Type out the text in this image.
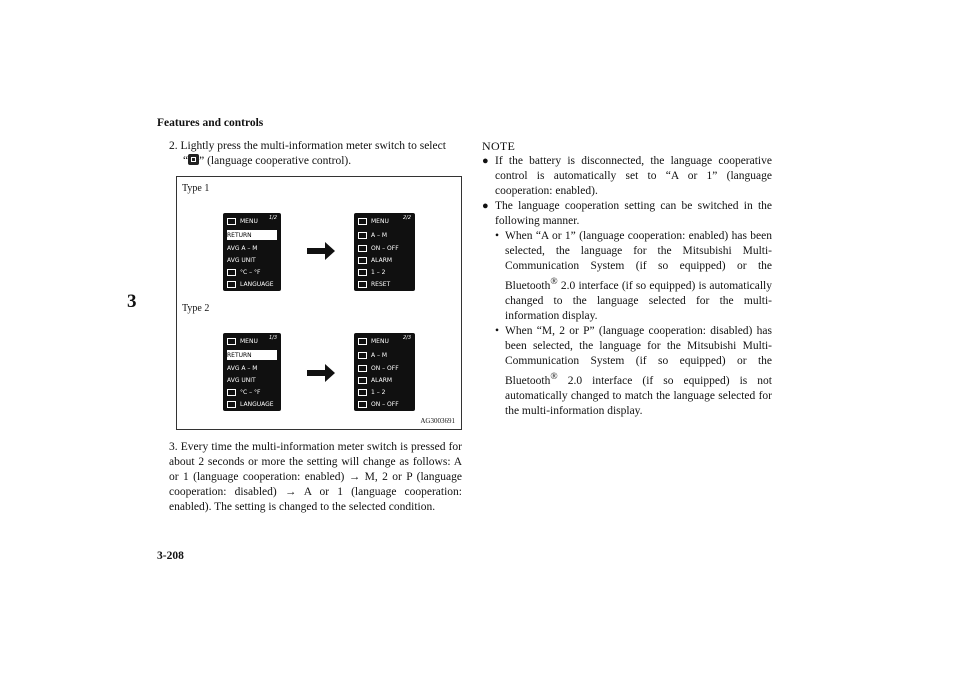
Features and controls
3
3-208
2. Lightly press the multi-information meter switch to select
“ ” (language cooperative control).
Type 1
Type 2
MENU 1/2
RETURN
AVG A – M
AVG UNIT
°C – °F
LANGUAGE
MENU	2/2
A – M
ON – OFF
ALARM
1 – 2
RESET
MENU 1/3
RETURN
AVG A – M
AVG UNIT
°C – °F
LANGUAGE
MENU	2/3
A – M
ON – OFF
ALARM
1 – 2
ON – OFF
AG3003691
3. Every time the multi-information meter switch is pressed for about 2 seconds or more the setting will change as follows: A or 1 (language cooperation: enabled) → M, 2 or P (language cooperation: disabled) → A or 1 (language cooperation: enabled). The setting is changed to the selected condition.
NOTE
● If the battery is disconnected, the language cooperative control is automatically set to “A or 1” (language cooperation: enabled).
● The language cooperation setting can be switched in the following manner.
• When “A or 1” (language cooperation: enabled) has been selected, the language for the Mitsubishi Multi-Communication System (if so equipped) or the Bluetooth® 2.0 interface (if so equipped) is automatically changed to the language selected for the multi-information display.
• When “M, 2 or P” (language cooperation: disabled) has been selected, the language for the Mitsubishi Multi-Communication System (if so equipped) or the Bluetooth® 2.0 interface (if so equipped) is not automatically changed to match the language selected for the multi-information display.
